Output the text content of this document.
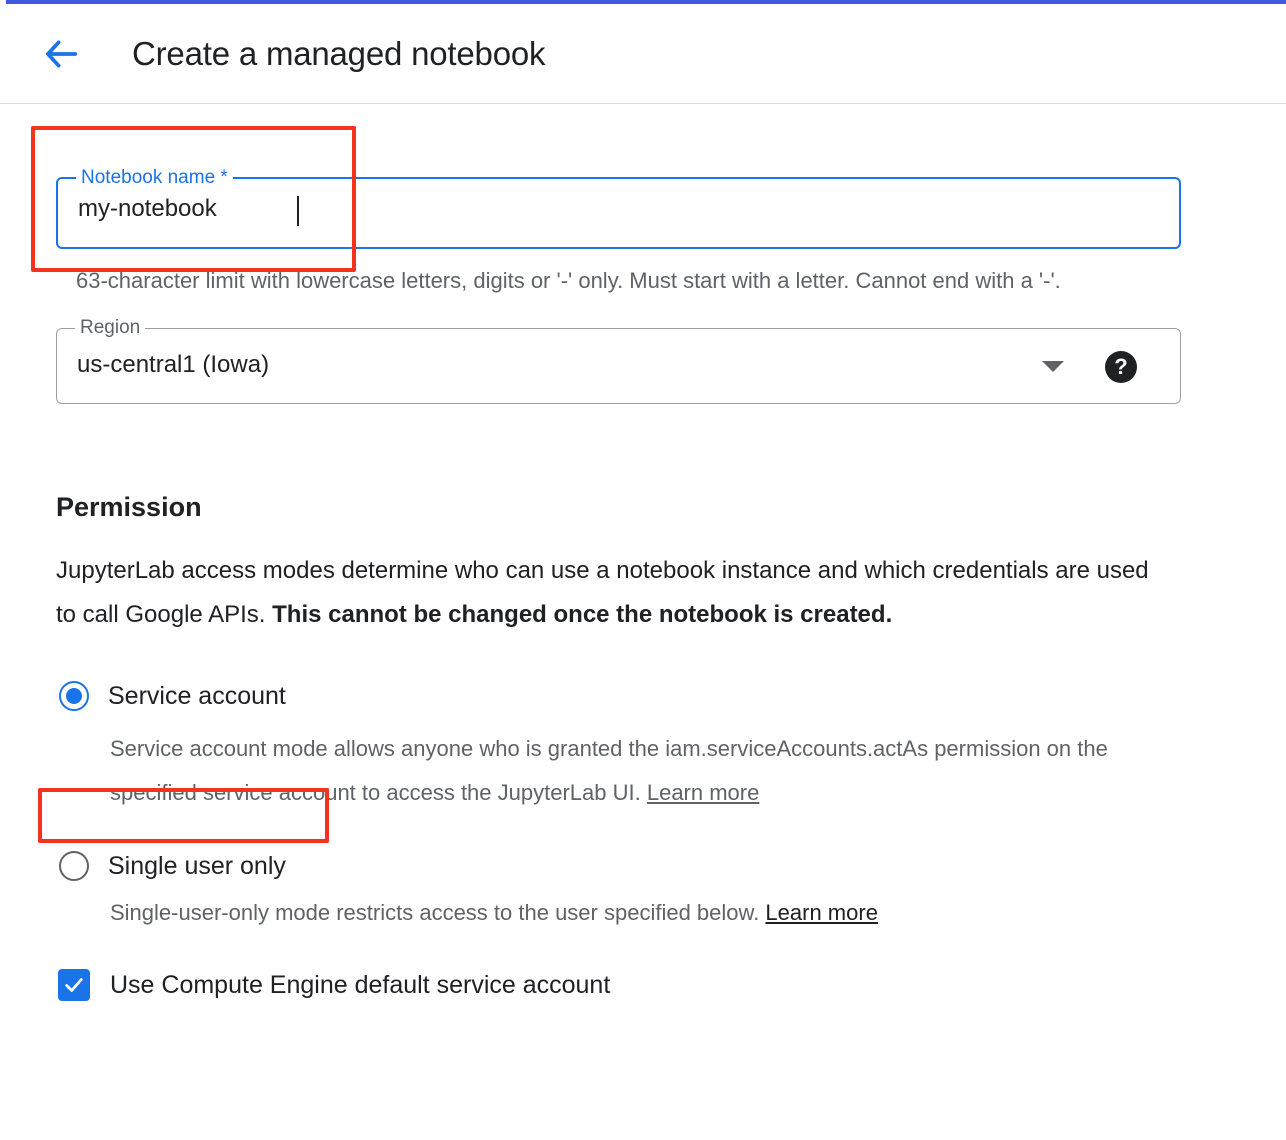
Create a managed notebook
Notebook name *
my-notebook
63-character limit with lowercase letters, digits or '-' only. Must start with a letter. Cannot end with a '-'.
Region
us-central1 (Iowa)	?
Permission
JupyterLab access modes determine who can use a notebook instance and which credentials are used to call Google APIs. This cannot be changed once the notebook is created.
Service account
Service account mode allows anyone who is granted the iam.serviceAccounts.actAs permission on the specified service account to access the JupyterLab UI. Learn more
Single user only
Single-user-only mode restricts access to the user specified below. Learn more
Use Compute Engine default service account
